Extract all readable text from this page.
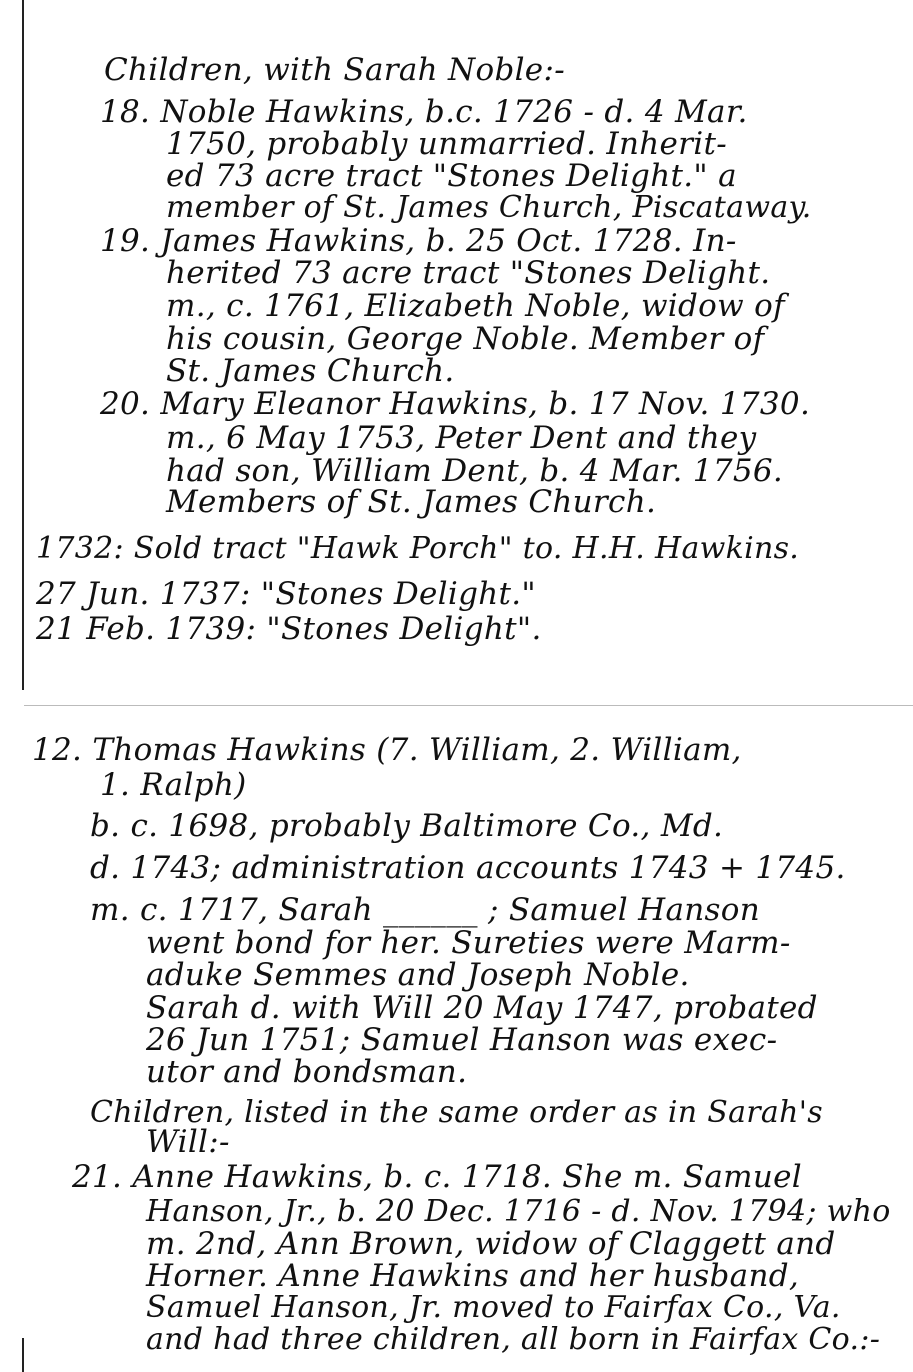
Children, with Sarah Noble:-
18. Noble Hawkins, b.c. 1726 - d. 4 Mar.
1750, probably unmarried. Inherit-
ed 73 acre tract "Stones Delight." a
member of St. James Church, Piscataway.
19. James Hawkins, b. 25 Oct. 1728. In-
herited 73 acre tract "Stones Delight.
m., c. 1761, Elizabeth Noble, widow of
his cousin, George Noble. Member of
St. James Church.
20. Mary Eleanor Hawkins, b. 17 Nov. 1730.
m., 6 May 1753, Peter Dent and they
had son, William Dent, b. 4 Mar. 1756.
Members of St. James Church.
1732: Sold tract "Hawk Porch" to. H.H. Hawkins.
27 Jun. 1737: "Stones Delight."
21 Feb. 1739: "Stones Delight".
12. Thomas Hawkins (7. William, 2. William,
1. Ralph)
b. c. 1698, probably Baltimore Co., Md.
d. 1743; administration accounts 1743 + 1745.
m. c. 1717, Sarah ______ ; Samuel Hanson
went bond for her. Sureties were Marm-
aduke Semmes and Joseph Noble.
Sarah d. with Will 20 May 1747, probated
26 Jun 1751; Samuel Hanson was exec-
utor and bondsman.
Children, listed in the same order as in Sarah's
Will:-
21. Anne Hawkins, b. c. 1718. She m. Samuel
Hanson, Jr., b. 20 Dec. 1716 - d. Nov. 1794; who
m. 2nd, Ann Brown, widow of Claggett and
Horner. Anne Hawkins and her husband,
Samuel Hanson, Jr. moved to Fairfax Co., Va.
and had three children, all born in Fairfax Co.:-
